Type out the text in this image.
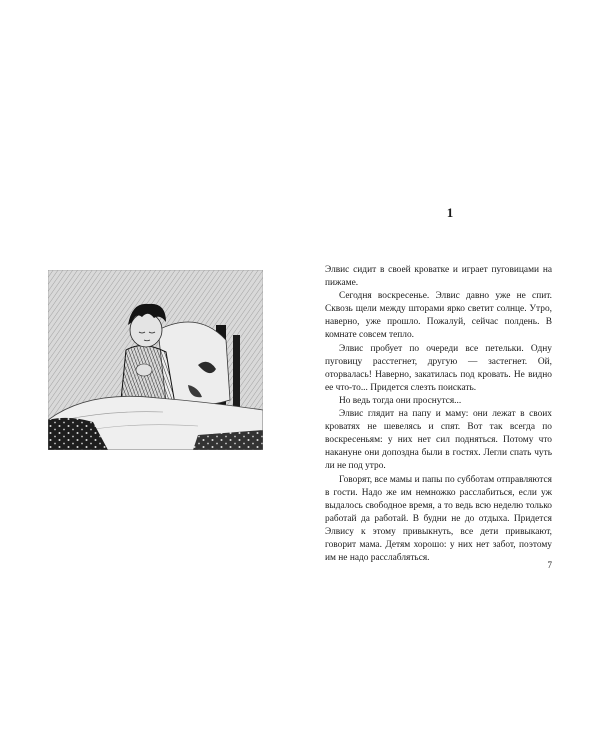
1

Элвис сидит в своей кроватке и играет пуговицами на пижаме.

Сегодня воскресенье. Элвис давно уже не спит. Сквозь щели между шторами ярко светит солнце. Утро, наверно, уже прошло. Пожалуй, сейчас полдень. В комнате совсем тепло.

Элвис пробует по очереди все петельки. Одну пуговицу расстегнет, другую — застегнет. Ой, оторвалась! Наверно, закатилась под кровать. Не видно ее что-то... Придется слезть поискать.

Но ведь тогда они проснутся...

Элвис глядит на папу и маму: они лежат в своих кроватях не шевелясь и спят. Вот так всегда по воскресеньям: у них нет сил подняться. Потому что накануне они допоздна были в гостях. Легли спать чуть ли не под утро.

Говорят, все мамы и папы по субботам отправляются в гости. Надо же им немножко расслабиться, если уж выдалось свободное время, а то ведь всю неделю только работай да работай. В будни не до отдыха. Придется Элвису к этому привыкнуть, все дети привыкают, говорит мама. Детям хорошо: у них нет забот, поэтому им не надо расслабляться.

7
